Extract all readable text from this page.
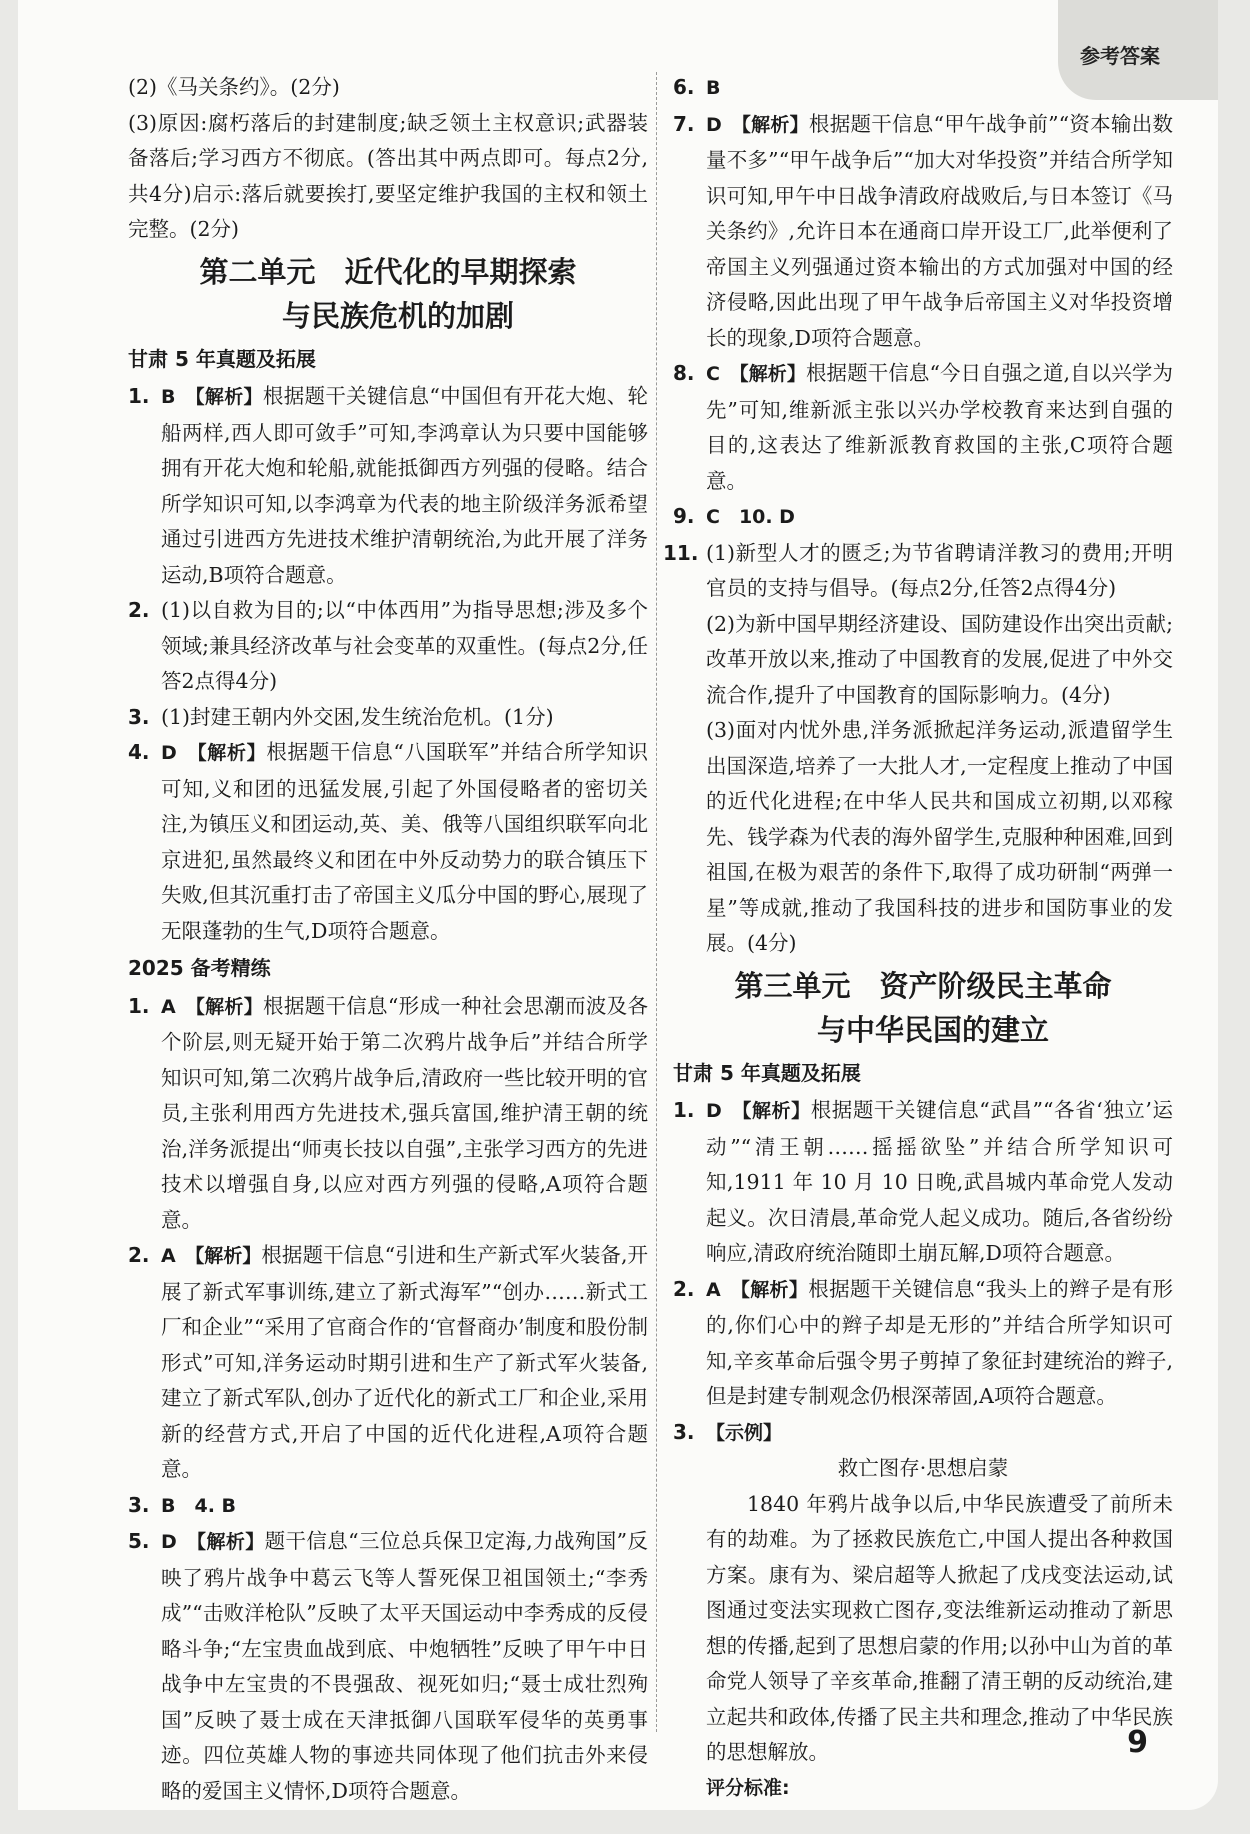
参考答案

(2)《马关条约》。(2分)

(3)原因:腐朽落后的封建制度;缺乏领土主权意识;武器装备落后;学习西方不彻底。(答出其中两点即可。每点2分,共4分)启示:落后就要挨打,要坚定维护我国的主权和领土完整。(2分)

第二单元　近代化的早期探索
与民族危机的加剧
甘肃 5 年真题及拓展
1. B　【解析】根据题干关键信息“中国但有开花大炮、轮船两样,西人即可敛手”可知,李鸿章认为只要中国能够拥有开花大炮和轮船,就能抵御西方列强的侵略。结合所学知识可知,以李鸿章为代表的地主阶级洋务派希望通过引进西方先进技术维护清朝统治,为此开展了洋务运动,B项符合题意。
2. (1)以自救为目的;以“中体西用”为指导思想;涉及多个领域;兼具经济改革与社会变革的双重性。(每点2分,任答2点得4分)
3. (1)封建王朝内外交困,发生统治危机。(1分)
4. D　【解析】根据题干信息“八国联军”并结合所学知识可知,义和团的迅猛发展,引起了外国侵略者的密切关注,为镇压义和团运动,英、美、俄等八国组织联军向北京进犯,虽然最终义和团在中外反动势力的联合镇压下失败,但其沉重打击了帝国主义瓜分中国的野心,展现了无限蓬勃的生气,D项符合题意。
2025 备考精练
1. A　【解析】根据题干信息“形成一种社会思潮而波及各个阶层,则无疑开始于第二次鸦片战争后”并结合所学知识可知,第二次鸦片战争后,清政府一些比较开明的官员,主张利用西方先进技术,强兵富国,维护清王朝的统治,洋务派提出“师夷长技以自强”,主张学习西方的先进技术以增强自身,以应对西方列强的侵略,A项符合题意。
2. A　【解析】根据题干信息“引进和生产新式军火装备,开展了新式军事训练,建立了新式海军”“创办……新式工厂和企业”“采用了官商合作的‘官督商办’制度和股份制形式”可知,洋务运动时期引进和生产了新式军火装备,建立了新式军队,创办了近代化的新式工厂和企业,采用新的经营方式,开启了中国的近代化进程,A项符合题意。
3. B　4. B
5. D　【解析】题干信息“三位总兵保卫定海,力战殉国”反映了鸦片战争中葛云飞等人誓死保卫祖国领土;“李秀成”“击败洋枪队”反映了太平天国运动中李秀成的反侵略斗争;“左宝贵血战到底、中炮牺牲”反映了甲午中日战争中左宝贵的不畏强敌、视死如归;“聂士成壮烈殉国”反映了聂士成在天津抵御八国联军侵华的英勇事迹。四位英雄人物的事迹共同体现了他们抗击外来侵略的爱国主义情怀,D项符合题意。
6. B
7. D　【解析】根据题干信息“甲午战争前”“资本输出数量不多”“甲午战争后”“加大对华投资”并结合所学知识可知,甲午中日战争清政府战败后,与日本签订《马关条约》,允许日本在通商口岸开设工厂,此举便利了帝国主义列强通过资本输出的方式加强对中国的经济侵略,因此出现了甲午战争后帝国主义对华投资增长的现象,D项符合题意。
8. C　【解析】根据题干信息“今日自强之道,自以兴学为先”可知,维新派主张以兴办学校教育来达到自强的目的,这表达了维新派教育救国的主张,C项符合题意。
9. C　10. D
11. (1)新型人才的匮乏;为节省聘请洋教习的费用;开明官员的支持与倡导。(每点2分,任答2点得4分)

(2)为新中国早期经济建设、国防建设作出突出贡献;改革开放以来,推动了中国教育的发展,促进了中外交流合作,提升了中国教育的国际影响力。(4分)

(3)面对内忧外患,洋务派掀起洋务运动,派遣留学生出国深造,培养了一大批人才,一定程度上推动了中国的近代化进程;在中华人民共和国成立初期,以邓稼先、钱学森为代表的海外留学生,克服种种困难,回到祖国,在极为艰苦的条件下,取得了成功研制“两弹一星”等成就,推动了我国科技的进步和国防事业的发展。(4分)

第三单元　资产阶级民主革命
与中华民国的建立
甘肃 5 年真题及拓展
1. D　【解析】根据题干关键信息“武昌”“各省‘独立’运动”“清王朝……摇摇欲坠”并结合所学知识可知,1911 年 10 月 10 日晚,武昌城内革命党人发动起义。次日清晨,革命党人起义成功。随后,各省纷纷响应,清政府统治随即土崩瓦解,D项符合题意。
2. A　【解析】根据题干关键信息“我头上的辫子是有形的,你们心中的辫子却是无形的”并结合所学知识可知,辛亥革命后强令男子剪掉了象征封建统治的辫子,但是封建专制观念仍根深蒂固,A项符合题意。
3. 【示例】

救亡图存·思想启蒙

1840 年鸦片战争以后,中华民族遭受了前所未有的劫难。为了拯救民族危亡,中国人提出各种救国方案。康有为、梁启超等人掀起了戊戌变法运动,试图通过变法实现救亡图存,变法维新运动推动了新思想的传播,起到了思想启蒙的作用;以孙中山为首的革命党人领导了辛亥革命,推翻了清王朝的反动统治,建立起共和政体,传播了民主共和理念,推动了中华民族的思想解放。

评分标准:

9
